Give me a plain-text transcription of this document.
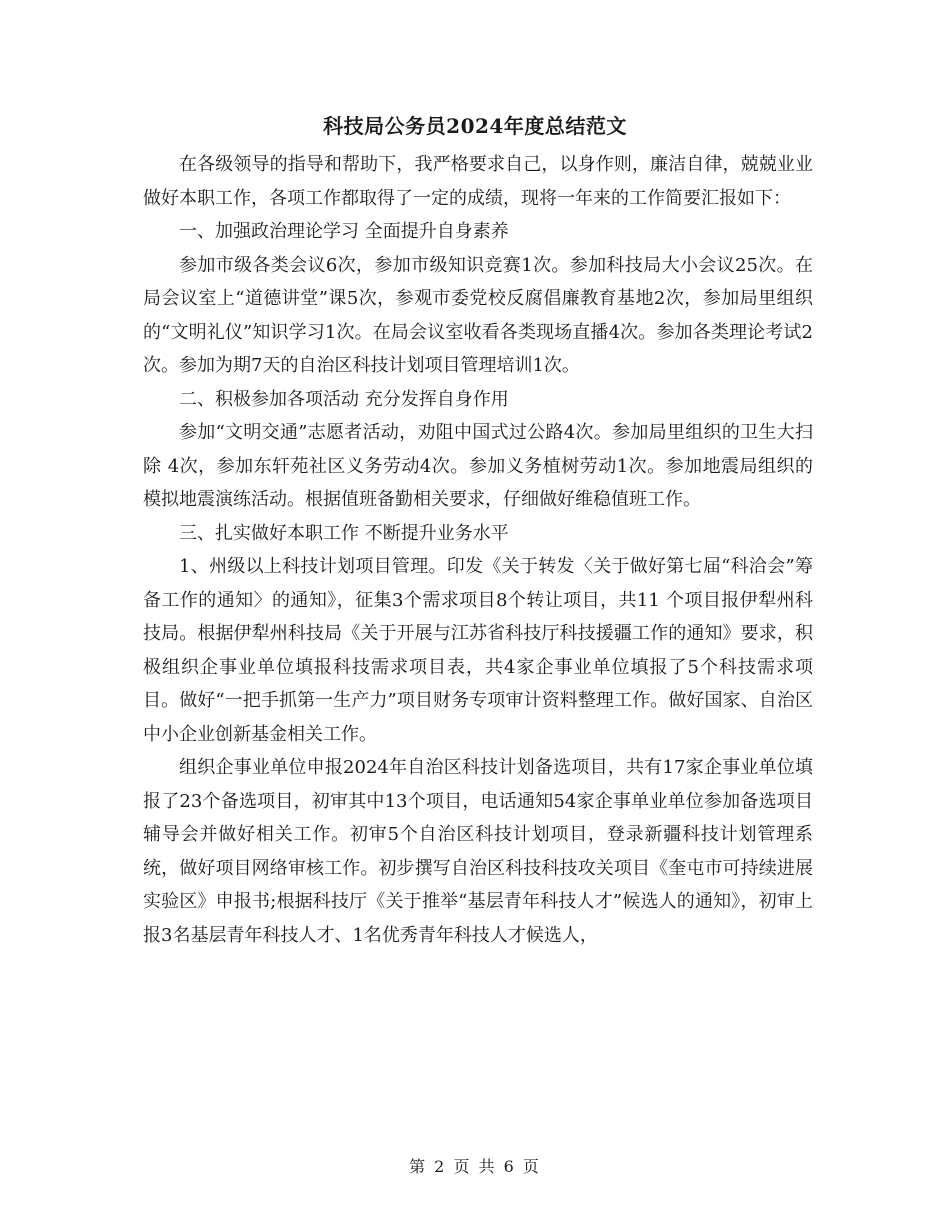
科技局公务员2024年度总结范文

在各级领导的指导和帮助下，我严格要求自己，以身作则，廉洁自律，兢兢业业做好本职工作，各项工作都取得了一定的成绩，现将一年来的工作简要汇报如下：

一、加强政治理论学习 全面提升自身素养

参加市级各类会议6次，参加市级知识竞赛1次。参加科技局大小会议25次。在局会议室上“道德讲堂”课5次，参观市委党校反腐倡廉教育基地2次，参加局里组织的“文明礼仪”知识学习1次。在局会议室收看各类现场直播4次。参加各类理论考试2次。参加为期7天的自治区科技计划项目管理培训1次。

二、积极参加各项活动 充分发挥自身作用

参加“文明交通”志愿者活动，劝阻中国式过公路4次。参加局里组织的卫生大扫除 4次，参加东轩苑社区义务劳动4次。参加义务植树劳动1次。参加地震局组织的模拟地震演练活动。根据值班备勤相关要求，仔细做好维稳值班工作。

三、扎实做好本职工作 不断提升业务水平

1、州级以上科技计划项目管理。印发《关于转发〈关于做好第七届“科洽会”筹备工作的通知〉的通知》，征集3个需求项目8个转让项目，共11 个项目报伊犁州科技局。根据伊犁州科技局《关于开展与江苏省科技厅科技援疆工作的通知》要求，积极组织企事业单位填报科技需求项目表，共4家企事业单位填报了5个科技需求项目。做好“一把手抓第一生产力”项目财务专项审计资料整理工作。做好国家、自治区中小企业创新基金相关工作。

组织企事业单位申报2024年自治区科技计划备选项目，共有17家企事业单位填报了23个备选项目，初审其中13个项目，电话通知54家企事单业单位参加备选项目辅导会并做好相关工作。初审5个自治区科技计划项目，登录新疆科技计划管理系统，做好项目网络审核工作。初步撰写自治区科技科技攻关项目《奎屯市可持续进展实验区》申报书;根据科技厅《关于推举“基层青年科技人才”候选人的通知》，初审上报3名基层青年科技人才、1名优秀青年科技人才候选人，

第 2 页 共 6 页
